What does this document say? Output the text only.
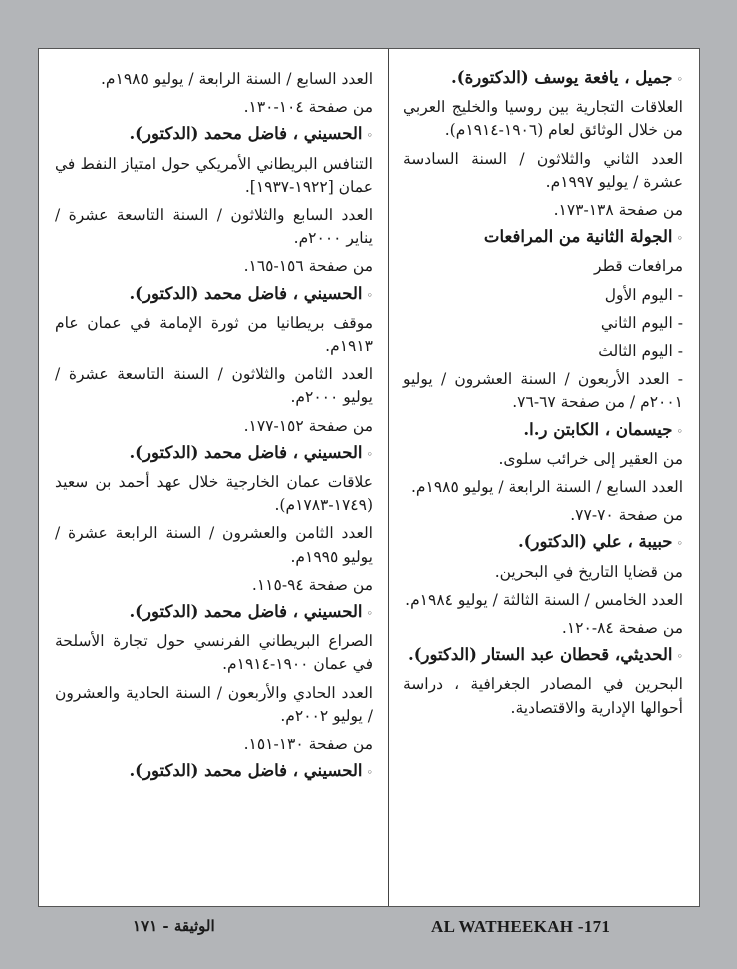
◦جميل ، يافعة يوسف (الدكتورة).
العلاقات التجارية بين روسيا والخليج العربي من خلال الوثائق لعام (١٩٠٦-١٩١٤م).
العدد الثاني والثلاثون / السنة السادسة عشرة / يوليو ١٩٩٧م.
من صفحة ١٣٨-١٧٣.
◦الجولة الثانية من المرافعات
مرافعات قطر
- اليوم الأول
- اليوم الثاني
- اليوم الثالث
- العدد الأربعون / السنة العشرون / يوليو ٢٠٠١م / من صفحة ٦٧-٧٦.
◦جيسمان ، الكابتن ر.ا.
من العقير إلى خرائب سلوى.
العدد السابع / السنة الرابعة / يوليو ١٩٨٥م.
من صفحة ٧٠-٧٧.
◦حبيبة ، علي (الدكتور).
من قضايا التاريخ في البحرين.
العدد الخامس / السنة الثالثة / يوليو ١٩٨٤م.
من صفحة ٨٤-١٢٠.
◦الحديثي، قحطان عبد الستار (الدكتور).
البحرين في المصادر الجغرافية ، دراسة أحوالها الإدارية والاقتصادية.
العدد السابع / السنة الرابعة / يوليو ١٩٨٥م.
من صفحة ١٠٤-١٣٠.
◦الحسيني ، فاضل محمد (الدكتور).
التنافس البريطاني الأمريكي حول امتياز النفط في عمان [١٩٢٢-١٩٣٧].
العدد السابع والثلاثون / السنة التاسعة عشرة / يناير ٢٠٠٠م.
من صفحة ١٥٦-١٦٥.
◦الحسيني ، فاضل محمد (الدكتور).
موقف بريطانيا من ثورة الإمامة في عمان عام ١٩١٣م.
العدد الثامن والثلاثون / السنة التاسعة عشرة / يوليو ٢٠٠٠م.
من صفحة ١٥٢-١٧٧.
◦الحسيني ، فاضل محمد (الدكتور).
علاقات عمان الخارجية خلال عهد أحمد بن سعيد (١٧٤٩-١٧٨٣م).
العدد الثامن والعشرون / السنة الرابعة عشرة / يوليو ١٩٩٥م.
من صفحة ٩٤-١١٥.
◦الحسيني ، فاضل محمد (الدكتور).
الصراع البريطاني الفرنسي حول تجارة الأسلحة في عمان ١٩٠٠-١٩١٤م.
العدد الحادي والأربعون / السنة الحادية والعشرون / يوليو ٢٠٠٢م.
من صفحة ١٣٠-١٥١.
◦الحسيني ، فاضل محمد (الدكتور).
الوثيقة - ١٧١	AL WATHEEKAH -171
